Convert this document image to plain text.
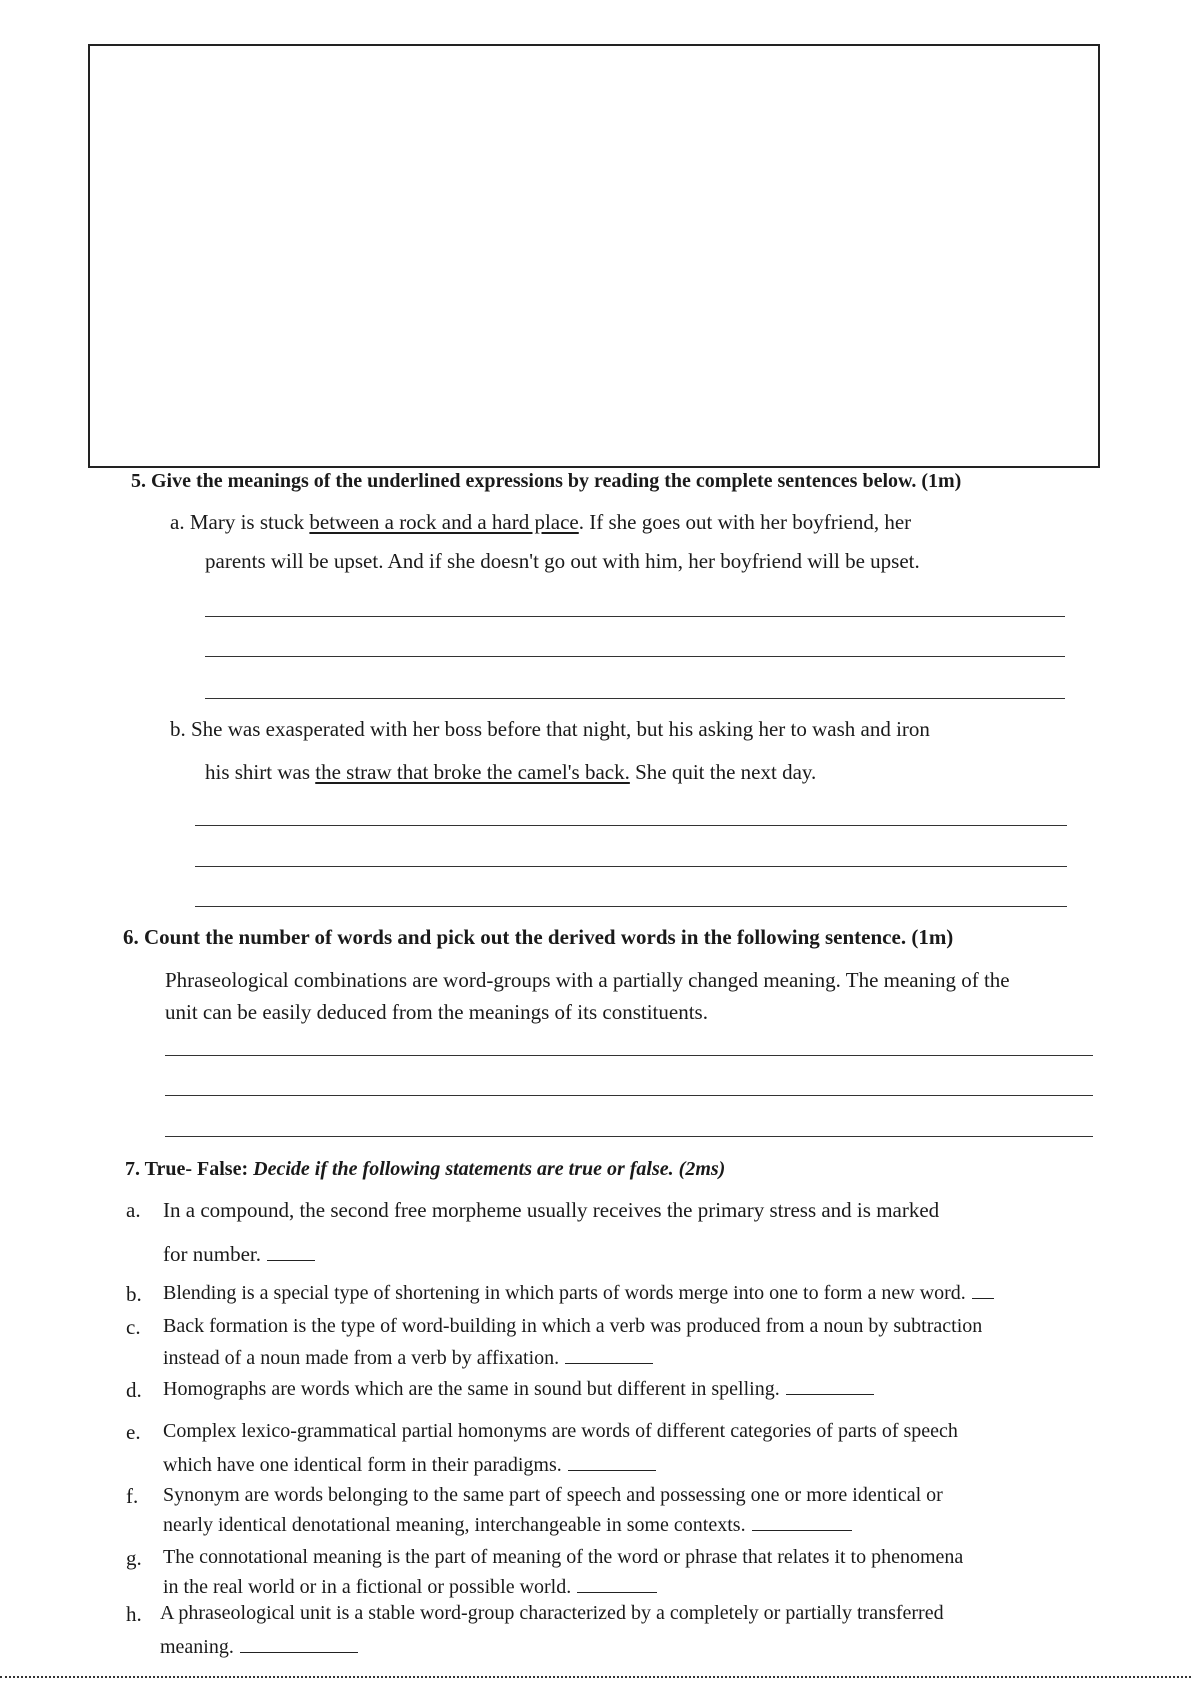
5. Give the meanings of the underlined expressions by reading the complete sentences below. (1m)
a. Mary is stuck between a rock and a hard place. If she goes out with her boyfriend, her
parents will be upset. And if she doesn't go out with him, her boyfriend will be upset.
b. She was exasperated with her boss before that night, but his asking her to wash and iron
his shirt was the straw that broke the camel's back. She quit the next day.
6. Count the number of words and pick out the derived words in the following sentence. (1m)
Phraseological combinations are word-groups with a partially changed meaning. The meaning of the
unit can be easily deduced from the meanings of its constituents.
7. True- False: Decide if the following statements are true or false. (2ms)
a. In a compound, the second free morpheme usually receives the primary stress and is marked
for number.
b. Blending is a special type of shortening in which parts of words merge into one to form a new word.
c. Back formation is the type of word-building in which a verb was produced from a noun by subtraction
instead of a noun made from a verb by affixation.
d. Homographs are words which are the same in sound but different in spelling.
e. Complex lexico-grammatical partial homonyms are words of different categories of parts of speech
which have one identical form in their paradigms.
f. Synonym are words belonging to the same part of speech and possessing one or more identical or
nearly identical denotational meaning, interchangeable in some contexts.
g. The connotational meaning is the part of meaning of the word or phrase that relates it to phenomena
in the real world or in a fictional or possible world.
h. A phraseological unit is a stable word-group characterized by a completely or partially transferred
meaning.
